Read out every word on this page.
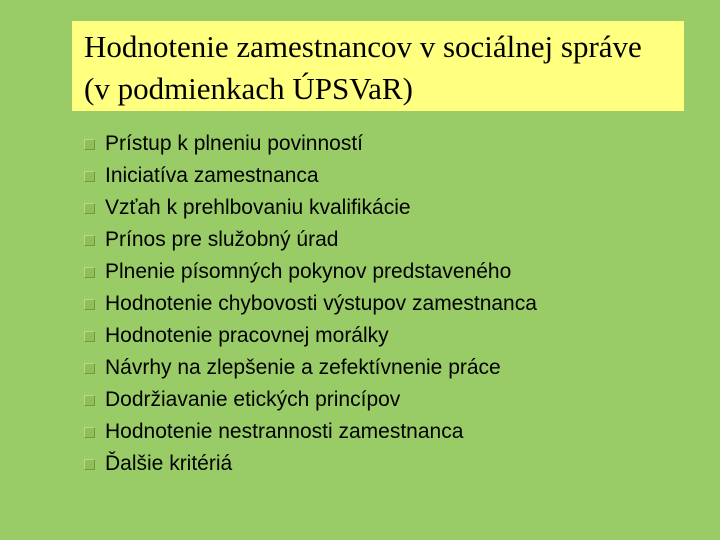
Hodnotenie zamestnancov v sociálnej správe (v podmienkach ÚPSVaR)
Prístup k plneniu povinností
Iniciatíva zamestnanca
Vzťah k prehlbovaniu kvalifikácie
Prínos pre služobný úrad
Plnenie písomných pokynov predstaveného
Hodnotenie chybovosti výstupov zamestnanca
Hodnotenie pracovnej morálky
Návrhy na zlepšenie a zefektívnenie práce
Dodržiavanie etických princípov
Hodnotenie nestrannosti zamestnanca
Ďalšie kritériá
